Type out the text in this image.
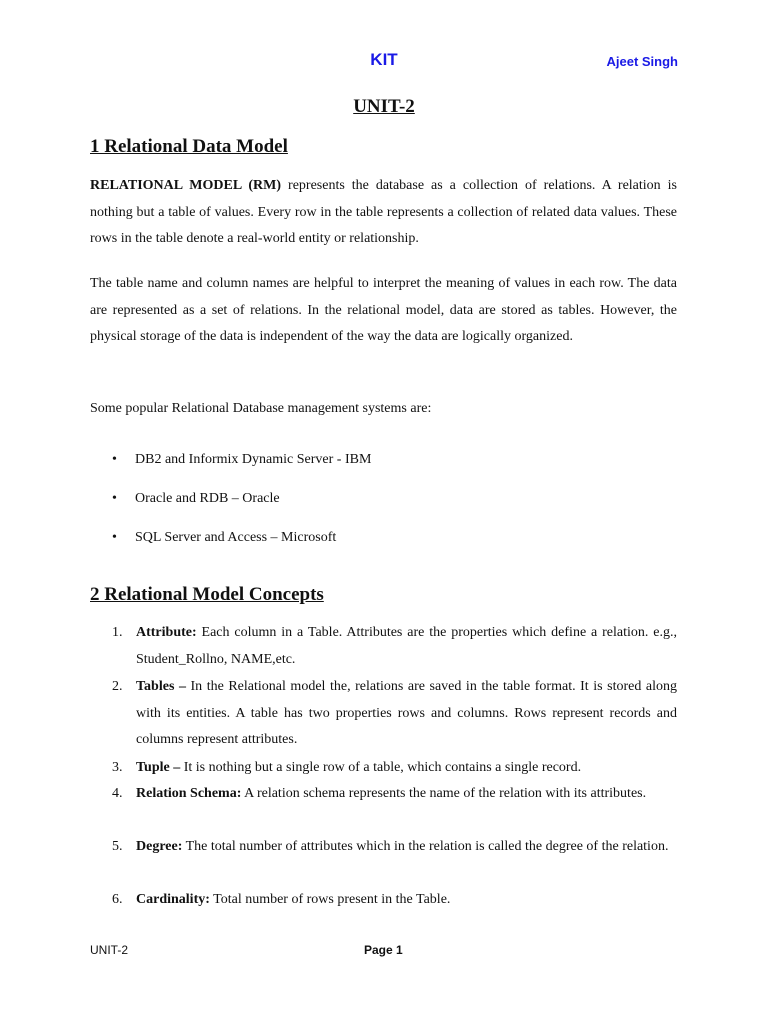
KIT	Ajeet Singh
UNIT-2
1 Relational Data Model

RELATIONAL MODEL (RM) represents the database as a collection of relations. A relation is nothing but a table of values. Every row in the table represents a collection of related data values. These rows in the table denote a real-world entity or relationship.

The table name and column names are helpful to interpret the meaning of values in each row. The data are represented as a set of relations. In the relational model, data are stored as tables. However, the physical storage of the data is independent of the way the data are logically organized.

Some popular Relational Database management systems are:

• DB2 and Informix Dynamic Server - IBM
• Oracle and RDB – Oracle
• SQL Server and Access – Microsoft
2 Relational Model Concepts
1. Attribute: Each column in a Table. Attributes are the properties which define a relation. e.g., Student_Rollno, NAME,etc.

2. Tables – In the Relational model the, relations are saved in the table format. It is stored along with its entities. A table has two properties rows and columns. Rows represent records and columns represent attributes.

3. Tuple – It is nothing but a single row of a table, which contains a single record.

4. Relation Schema: A relation schema represents the name of the relation with its attributes.

5. Degree: The total number of attributes which in the relation is called the degree of the relation.

6. Cardinality: Total number of rows present in the Table.

UNIT-2	Page 1
